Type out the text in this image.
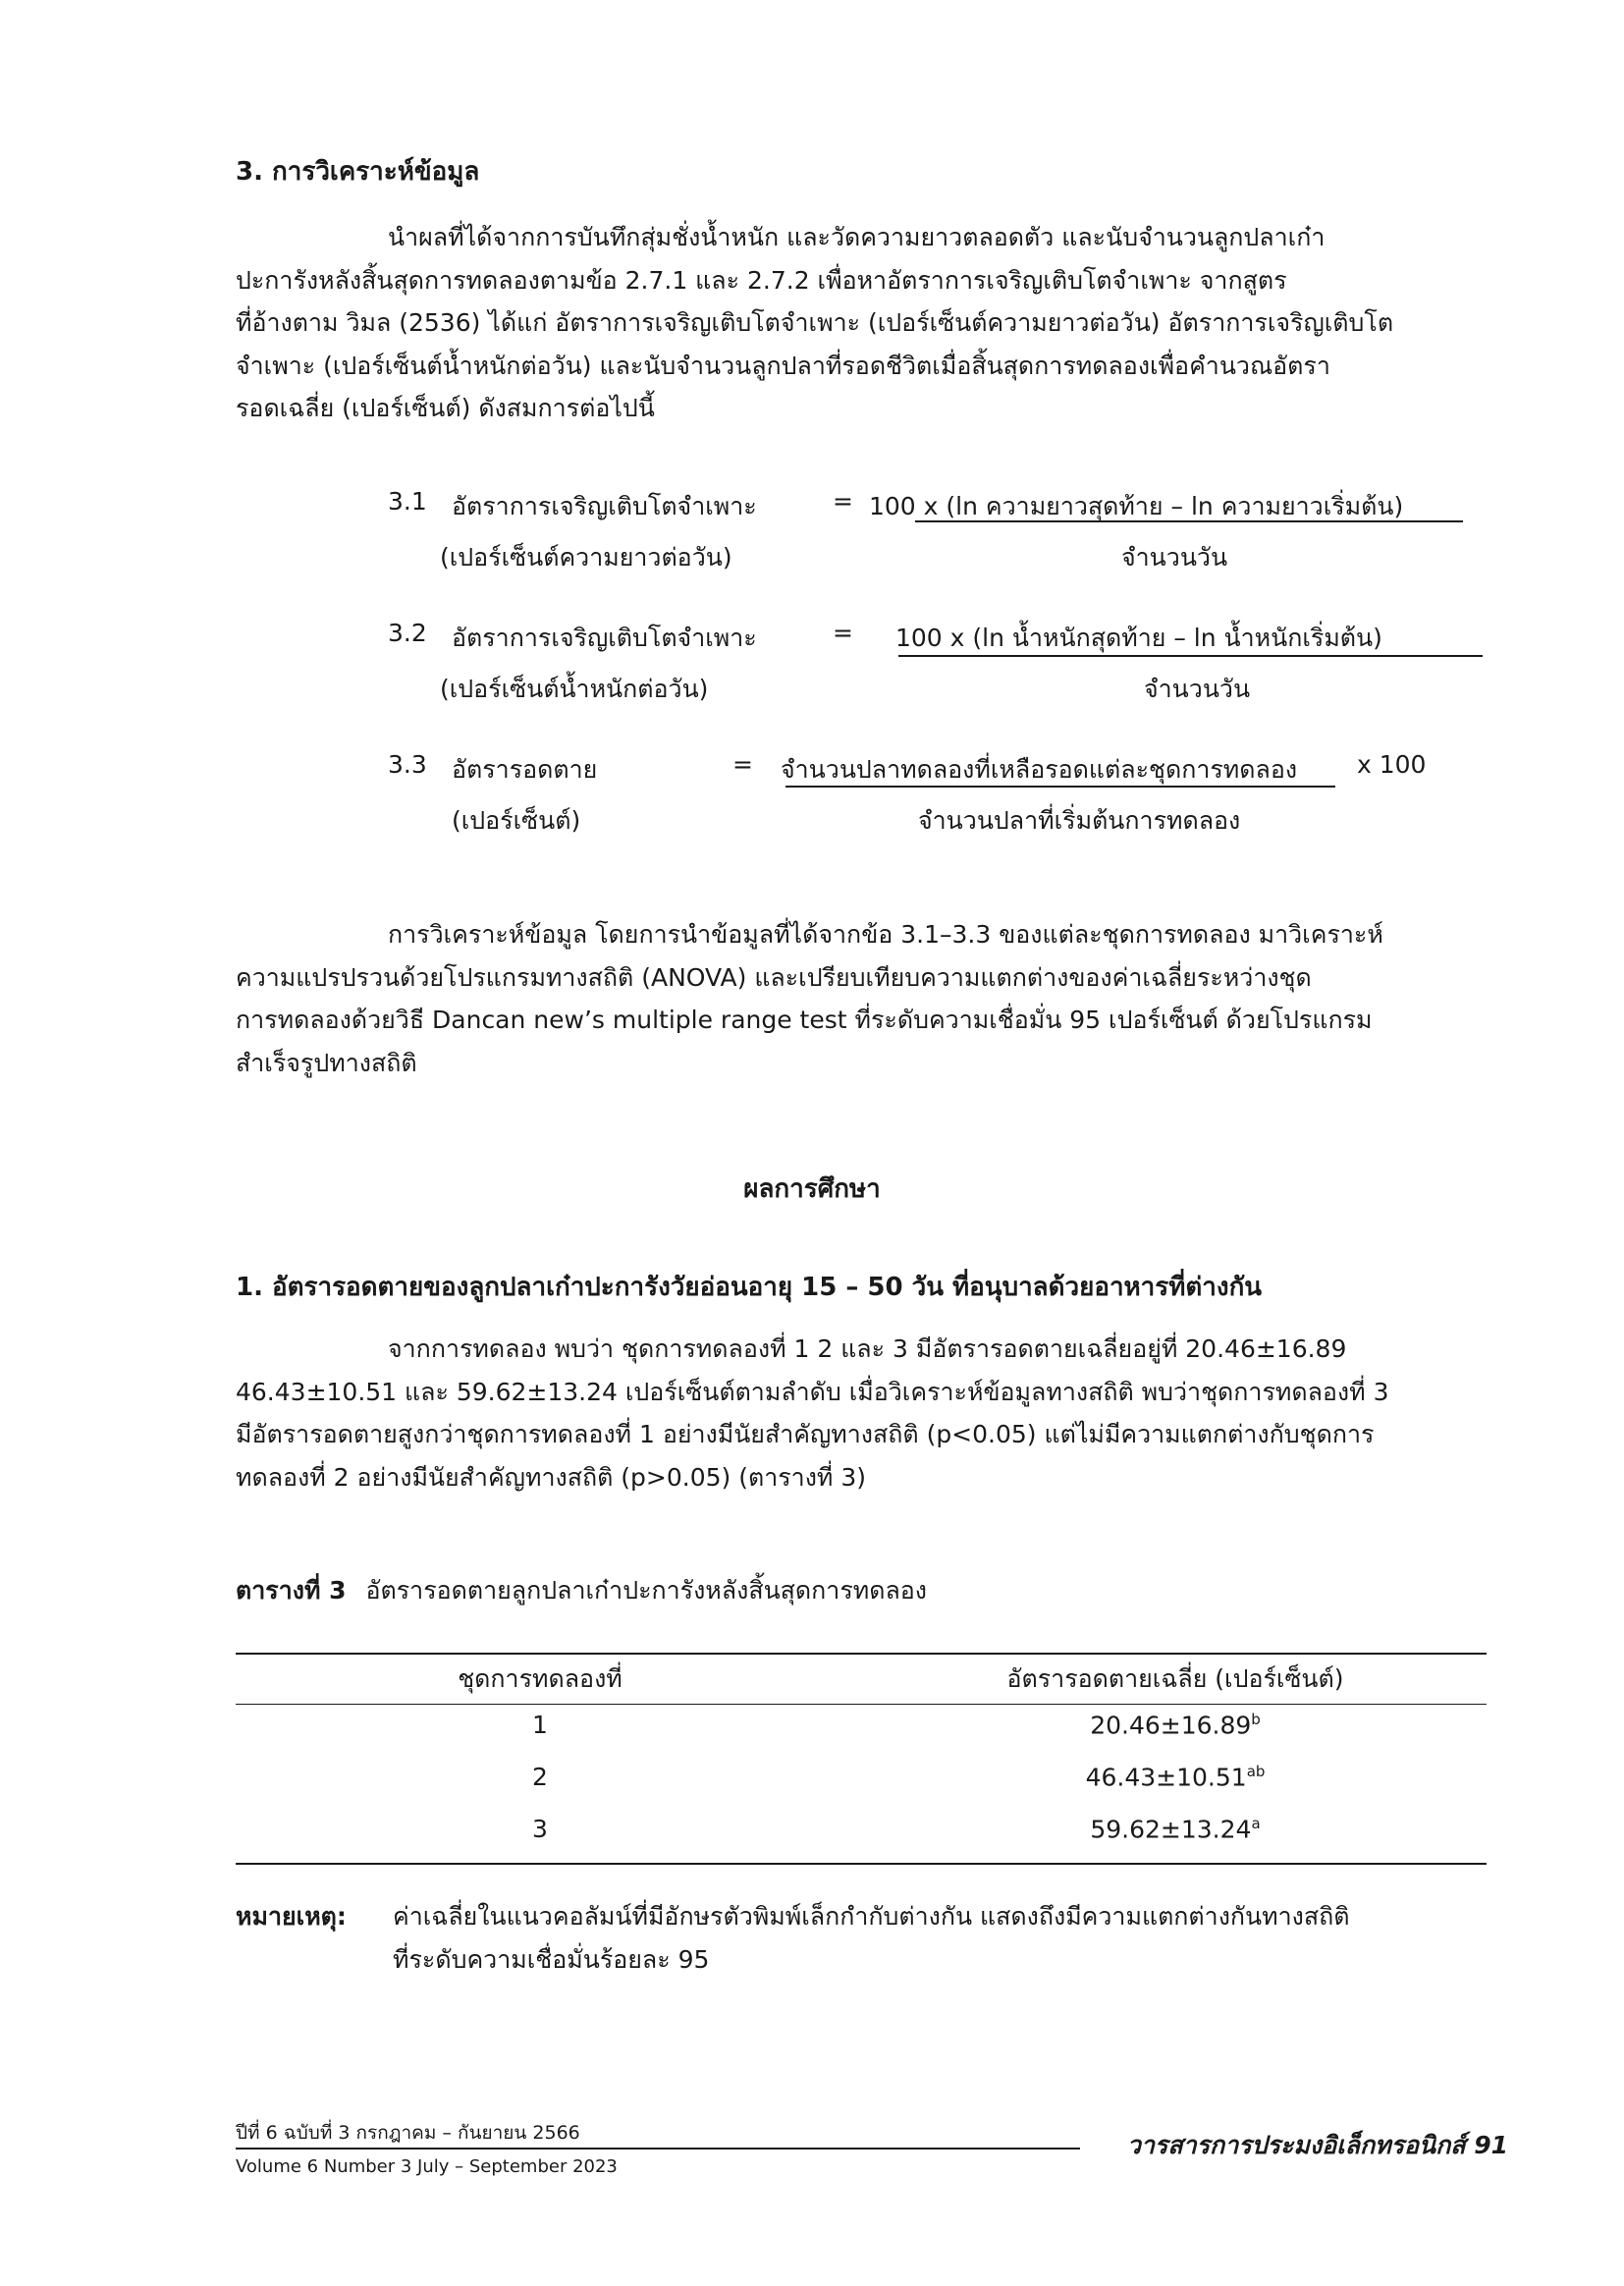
3. การวิเคราะห์ข้อมูล
นำผลที่ได้จากการบันทึกสุ่มชั่งน้ำหนัก และวัดความยาวตลอดตัว และนับจำนวนลูกปลาเก๋า
ปะการังหลังสิ้นสุดการทดลองตามข้อ 2.7.1 และ 2.7.2 เพื่อหาอัตราการเจริญเติบโตจำเพาะ จากสูตร
ที่อ้างตาม วิมล (2536) ได้แก่ อัตราการเจริญเติบโตจำเพาะ (เปอร์เซ็นต์ความยาวต่อวัน) อัตราการเจริญเติบโต
จำเพาะ (เปอร์เซ็นต์น้ำหนักต่อวัน) และนับจำนวนลูกปลาที่รอดชีวิตเมื่อสิ้นสุดการทดลองเพื่อคำนวณอัตรา
รอดเฉลี่ย (เปอร์เซ็นต์) ดังสมการต่อไปนี้
3.1 อัตราการเจริญเติบโตจำเพาะ
(เปอร์เซ็นต์ความยาวต่อวัน)
= 100 x (ln ความยาวสุดท้าย – ln ความยาวเริ่มต้น)
จำนวนวัน
3.2 อัตราการเจริญเติบโตจำเพาะ
(เปอร์เซ็นต์น้ำหนักต่อวัน)
= 100 x (ln น้ำหนักสุดท้าย – ln น้ำหนักเริ่มต้น)
จำนวนวัน
3.3 อัตรารอดตาย
(เปอร์เซ็นต์)
= จำนวนปลาทดลองที่เหลือรอดแต่ละชุดการทดลอง x 100
จำนวนปลาที่เริ่มต้นการทดลอง
การวิเคราะห์ข้อมูล โดยการนำข้อมูลที่ได้จากข้อ 3.1–3.3 ของแต่ละชุดการทดลอง มาวิเคราะห์
ความแปรปรวนด้วยโปรแกรมทางสถิติ (ANOVA) และเปรียบเทียบความแตกต่างของค่าเฉลี่ยระหว่างชุด
การทดลองด้วยวิธี Dancan new’s multiple range test ที่ระดับความเชื่อมั่น 95 เปอร์เซ็นต์ ด้วยโปรแกรม
สำเร็จรูปทางสถิติ
ผลการศึกษา
1. อัตรารอดตายของลูกปลาเก๋าปะการังวัยอ่อนอายุ 15 – 50 วัน ที่อนุบาลด้วยอาหารที่ต่างกัน
จากการทดลอง พบว่า ชุดการทดลองที่ 1 2 และ 3 มีอัตรารอดตายเฉลี่ยอยู่ที่ 20.46±16.89
46.43±10.51 และ 59.62±13.24 เปอร์เซ็นต์ตามลำดับ เมื่อวิเคราะห์ข้อมูลทางสถิติ พบว่าชุดการทดลองที่ 3
มีอัตรารอดตายสูงกว่าชุดการทดลองที่ 1 อย่างมีนัยสำคัญทางสถิติ (p<0.05) แต่ไม่มีความแตกต่างกับชุดการ
ทดลองที่ 2 อย่างมีนัยสำคัญทางสถิติ (p>0.05) (ตารางที่ 3)
ตารางที่ 3 อัตรารอดตายลูกปลาเก๋าปะการังหลังสิ้นสุดการทดลอง
ชุดการทดลองที่	อัตรารอดตายเฉลี่ย (เปอร์เซ็นต์)
1	20.46±16.89$^b$
2	46.43±10.51$^{ab}$
3	59.62±13.24$^a$
หมายเหตุ: ค่าเฉลี่ยในแนวคอลัมน์ที่มีอักษรตัวพิมพ์เล็กกำกับต่างกัน แสดงถึงมีความแตกต่างกันทางสถิติ
ที่ระดับความเชื่อมั่นร้อยละ 95
ปีที่ 6 ฉบับที่ 3 กรกฎาคม – กันยายน 2566	วารสารการประมงอิเล็กทรอนิกส์ 91
Volume 6 Number 3 July – September 2023
